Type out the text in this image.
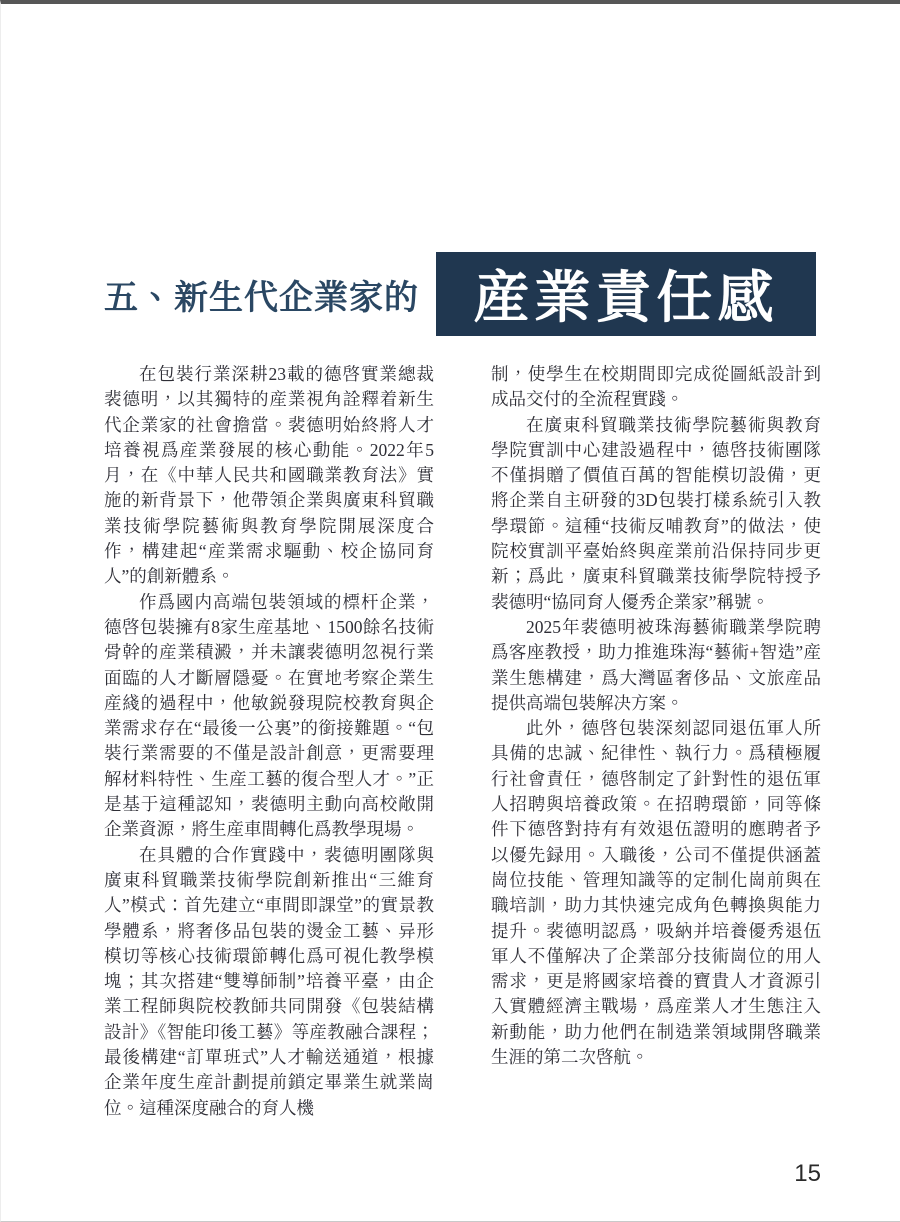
五、新生代企業家的 産業責任感

在包裝行業深耕23載的德啓實業總裁裴德明，以其獨特的産業視角詮釋着新生代企業家的社會擔當。裴德明始終將人才培養視爲産業發展的核心動能。2022年5月，在《中華人民共和國職業教育法》實施的新背景下，他帶領企業與廣東科貿職業技術學院藝術與教育學院開展深度合作，構建起“産業需求驅動、校企協同育人”的創新體系。

作爲國内高端包裝領域的標杆企業，德啓包裝擁有8家生産基地、1500餘名技術骨幹的産業積澱，并未讓裴德明忽視行業面臨的人才斷層隱憂。在實地考察企業生産綫的過程中，他敏鋭發現院校教育與企業需求存在“最後一公裏”的銜接難題。“包裝行業需要的不僅是設計創意，更需要理解材料特性、生産工藝的復合型人才。”正是基于這種認知，裴德明主動向高校敞開企業資源，將生産車間轉化爲教學現場。

在具體的合作實踐中，裴德明團隊與廣東科貿職業技術學院創新推出“三維育人”模式：首先建立“車間即課堂”的實景教學體系，將奢侈品包裝的燙金工藝、异形模切等核心技術環節轉化爲可視化教學模塊；其次搭建“雙導師制”培養平臺，由企業工程師與院校教師共同開發《包裝結構設計》《智能印後工藝》等産教融合課程；最後構建“訂單班式”人才輸送通道，根據企業年度生産計劃提前鎖定畢業生就業崗位。這種深度融合的育人機

制，使學生在校期間即完成從圖紙設計到成品交付的全流程實踐。

在廣東科貿職業技術學院藝術與教育學院實訓中心建設過程中，德啓技術團隊不僅捐贈了價值百萬的智能模切設備，更將企業自主研發的3D包裝打樣系統引入教學環節。這種“技術反哺教育”的做法，使院校實訓平臺始終與産業前沿保持同步更新；爲此，廣東科貿職業技術學院特授予裴德明“協同育人優秀企業家”稱號。

2025年裴德明被珠海藝術職業學院聘爲客座教授，助力推進珠海“藝術+智造”産業生態構建，爲大灣區奢侈品、文旅産品提供高端包裝解决方案。

此外，德啓包裝深刻認同退伍軍人所具備的忠誠、紀律性、執行力。爲積極履行社會責任，德啓制定了針對性的退伍軍人招聘與培養政策。在招聘環節，同等條件下德啓對持有有效退伍證明的應聘者予以優先録用。入職後，公司不僅提供涵蓋崗位技能、管理知識等的定制化崗前與在職培訓，助力其快速完成角色轉換與能力提升。裴德明認爲，吸納并培養優秀退伍軍人不僅解决了企業部分技術崗位的用人需求，更是將國家培養的寶貴人才資源引入實體經濟主戰場，爲産業人才生態注入新動能，助力他們在制造業領域開啓職業生涯的第二次啓航。

15
